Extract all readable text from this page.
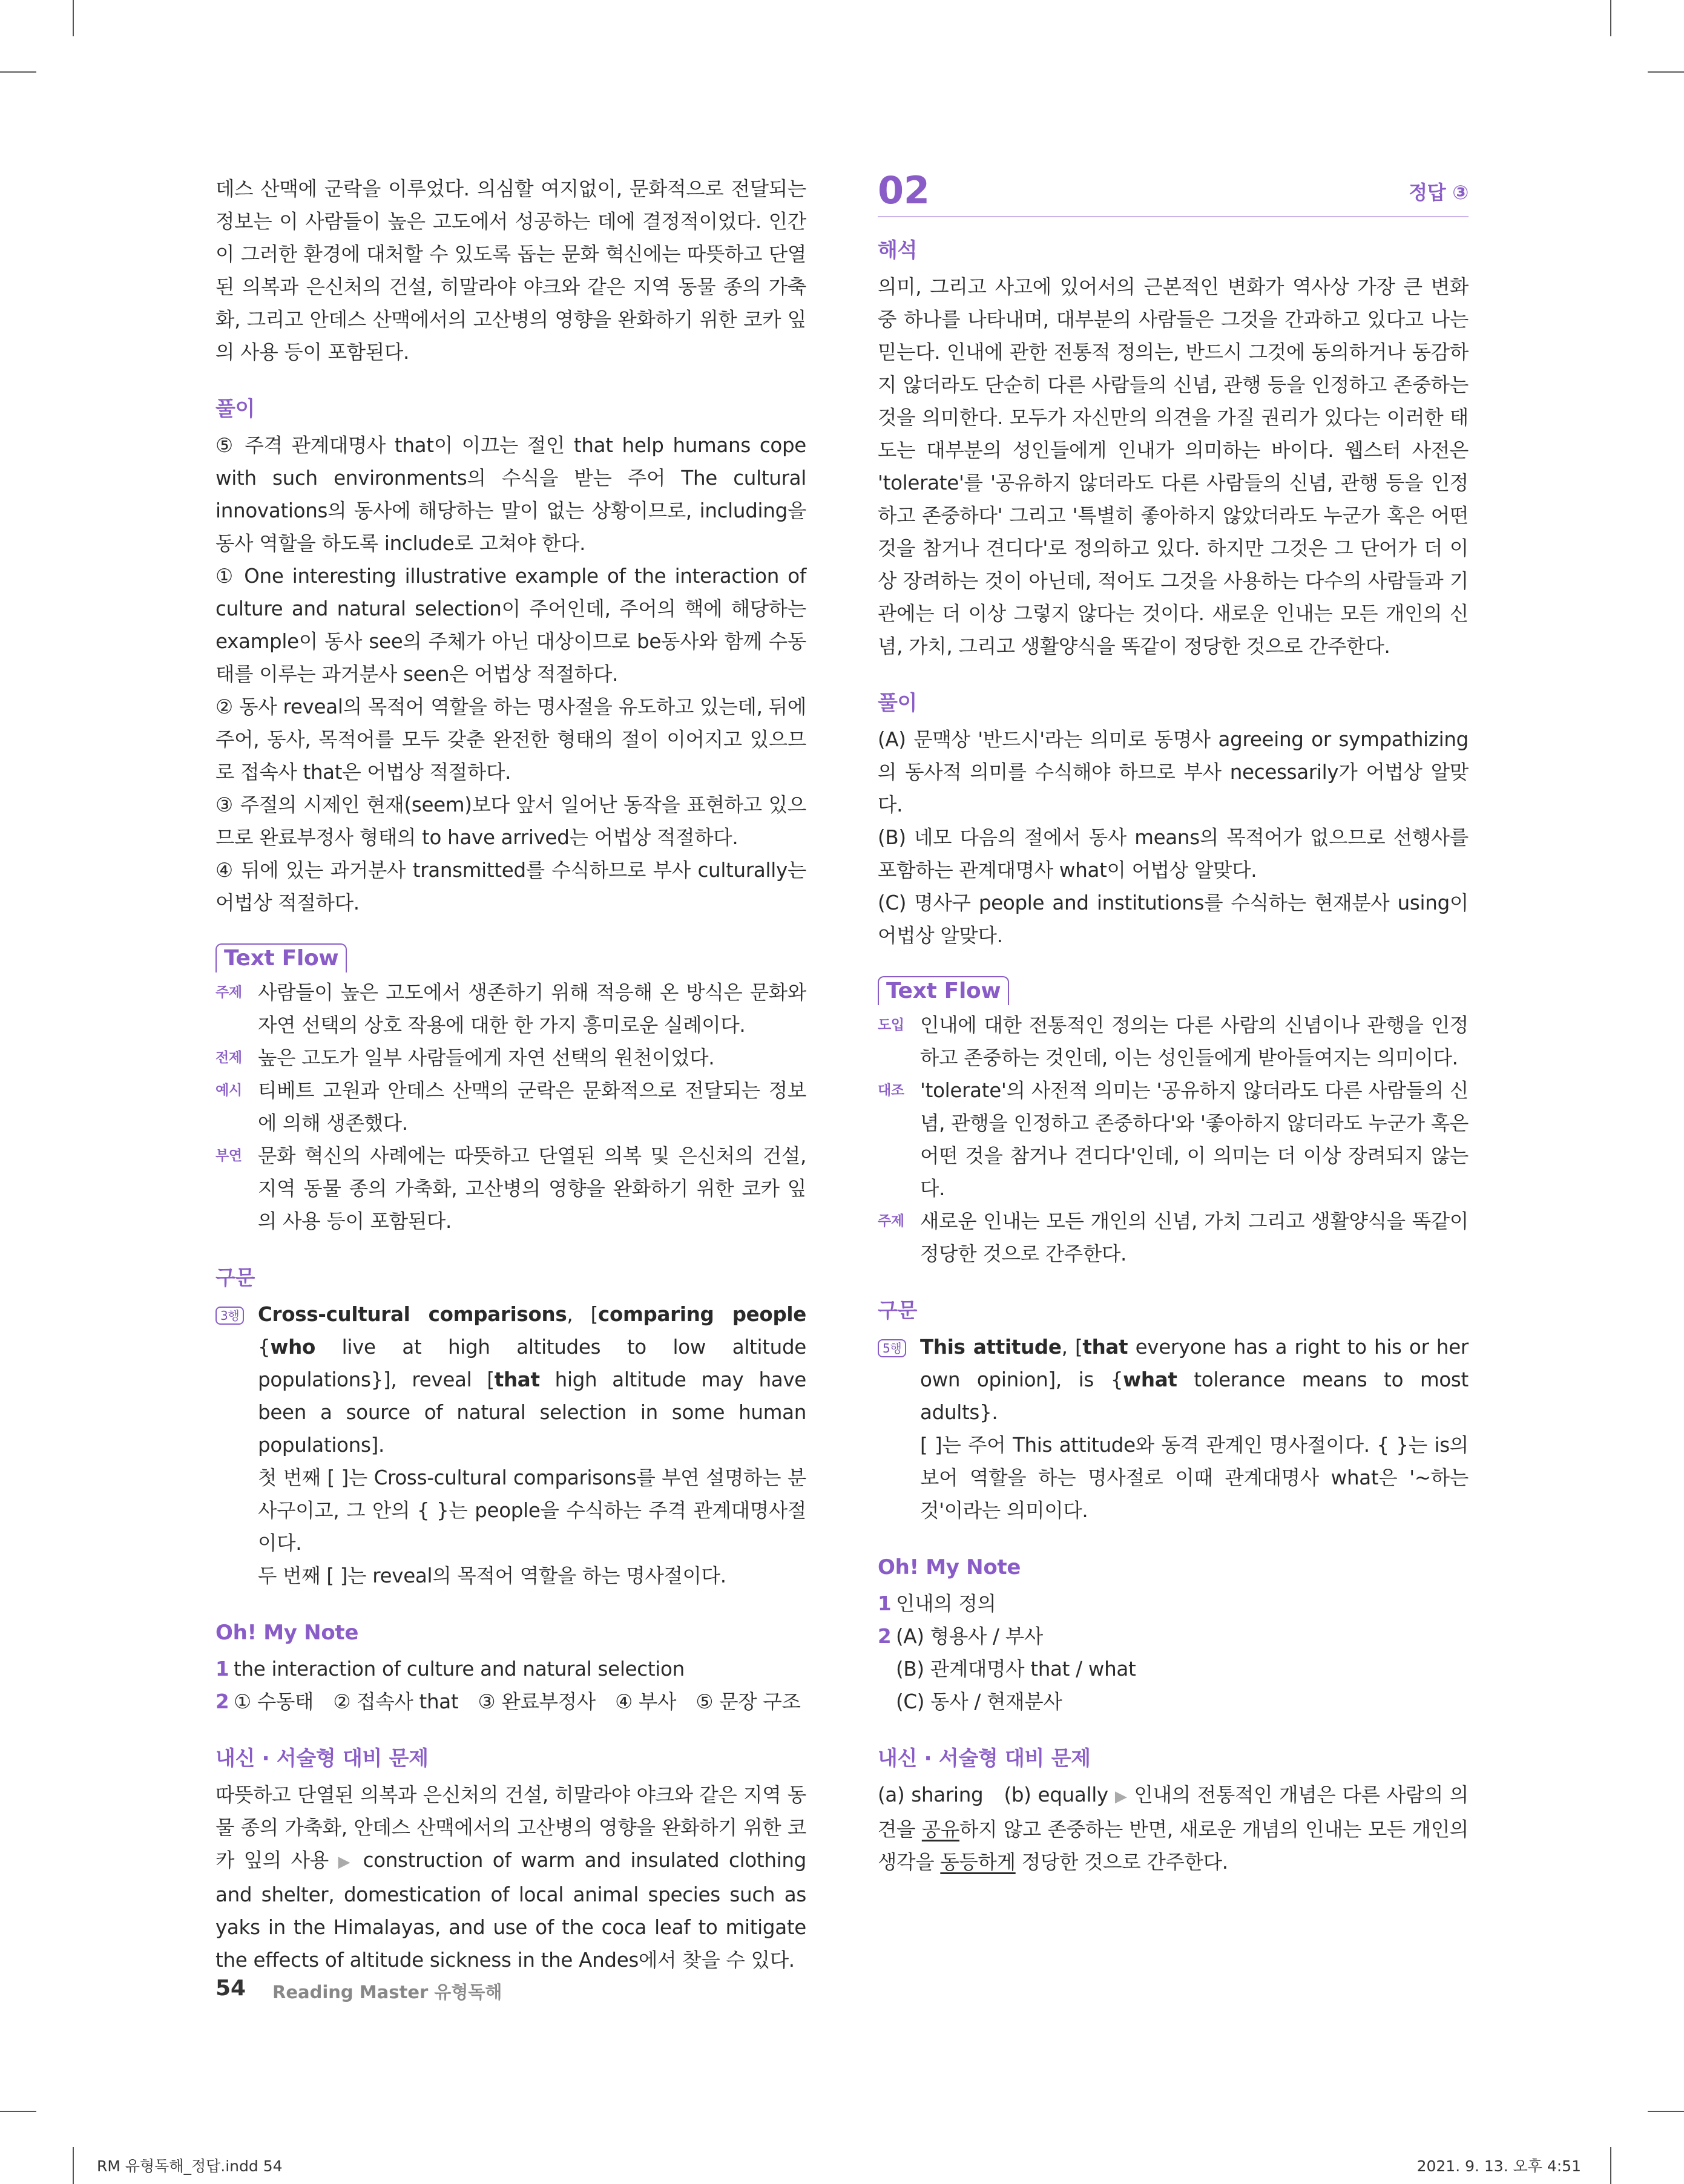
데스 산맥에 군락을 이루었다. 의심할 여지없이, 문화적으로 전달되는 정보는 이 사람들이 높은 고도에서 성공하는 데에 결정적이었다. 인간이 그러한 환경에 대처할 수 있도록 돕는 문화 혁신에는 따뜻하고 단열된 의복과 은신처의 건설, 히말라야 야크와 같은 지역 동물 종의 가축화, 그리고 안데스 산맥에서의 고산병의 영향을 완화하기 위한 코카 잎의 사용 등이 포함된다.

풀이

⑤ 주격 관계대명사 that이 이끄는 절인 that help humans cope with such environments의 수식을 받는 주어 The cultural innovations의 동사에 해당하는 말이 없는 상황이므로, including을 동사 역할을 하도록 include로 고쳐야 한다.

① One interesting illustrative example of the interaction of culture and natural selection이 주어인데, 주어의 핵에 해당하는 example이 동사 see의 주체가 아닌 대상이므로 be동사와 함께 수동태를 이루는 과거분사 seen은 어법상 적절하다.

② 동사 reveal의 목적어 역할을 하는 명사절을 유도하고 있는데, 뒤에 주어, 동사, 목적어를 모두 갖춘 완전한 형태의 절이 이어지고 있으므로 접속사 that은 어법상 적절하다.

③ 주절의 시제인 현재(seem)보다 앞서 일어난 동작을 표현하고 있으므로 완료부정사 형태의 to have arrived는 어법상 적절하다.

④ 뒤에 있는 과거분사 transmitted를 수식하므로 부사 culturally는 어법상 적절하다.

Text Flow
주제 사람들이 높은 고도에서 생존하기 위해 적응해 온 방식은 문화와 자연 선택의 상호 작용에 대한 한 가지 흥미로운 실례이다.
전제 높은 고도가 일부 사람들에게 자연 선택의 원천이었다.
예시 티베트 고원과 안데스 산맥의 군락은 문화적으로 전달되는 정보에 의해 생존했다.
부연 문화 혁신의 사례에는 따뜻하고 단열된 의복 및 은신처의 건설, 지역 동물 종의 가축화, 고산병의 영향을 완화하기 위한 코카 잎의 사용 등이 포함된다.
구문
3행 Cross-cultural comparisons, [comparing people {who live at high altitudes to low altitude populations}], reveal [that high altitude may have been a source of natural selection in some human populations].
첫 번째 [ ]는 Cross-cultural comparisons를 부연 설명하는 분사구이고, 그 안의 { }는 people을 수식하는 주격 관계대명사절이다.
두 번째 [ ]는 reveal의 목적어 역할을 하는 명사절이다.
Oh! My Note
1 the interaction of culture and natural selection
2 ① 수동태　② 접속사 that　③ 완료부정사　④ 부사　⑤ 문장 구조
내신 · 서술형 대비 문제

따뜻하고 단열된 의복과 은신처의 건설, 히말라야 야크와 같은 지역 동물 종의 가축화, 안데스 산맥에서의 고산병의 영향을 완화하기 위한 코카 잎의 사용 ▶ construction of warm and insulated clothing and shelter, domestication of local animal species such as yaks in the Himalayas, and use of the coca leaf to mitigate the effects of altitude sickness in the Andes에서 찾을 수 있다.

02	정답 ③
해석

의미, 그리고 사고에 있어서의 근본적인 변화가 역사상 가장 큰 변화 중 하나를 나타내며, 대부분의 사람들은 그것을 간과하고 있다고 나는 믿는다. 인내에 관한 전통적 정의는, 반드시 그것에 동의하거나 동감하지 않더라도 단순히 다른 사람들의 신념, 관행 등을 인정하고 존중하는 것을 의미한다. 모두가 자신만의 의견을 가질 권리가 있다는 이러한 태도는 대부분의 성인들에게 인내가 의미하는 바이다. 웹스터 사전은 'tolerate'를 '공유하지 않더라도 다른 사람들의 신념, 관행 등을 인정하고 존중하다' 그리고 '특별히 좋아하지 않았더라도 누군가 혹은 어떤 것을 참거나 견디다'로 정의하고 있다. 하지만 그것은 그 단어가 더 이상 장려하는 것이 아닌데, 적어도 그것을 사용하는 다수의 사람들과 기관에는 더 이상 그렇지 않다는 것이다. 새로운 인내는 모든 개인의 신념, 가치, 그리고 생활양식을 똑같이 정당한 것으로 간주한다.

풀이

(A) 문맥상 '반드시'라는 의미로 동명사 agreeing or sympathizing의 동사적 의미를 수식해야 하므로 부사 necessarily가 어법상 알맞다.

(B) 네모 다음의 절에서 동사 means의 목적어가 없으므로 선행사를 포함하는 관계대명사 what이 어법상 알맞다.

(C) 명사구 people and institutions를 수식하는 현재분사 using이 어법상 알맞다.

Text Flow
도입 인내에 대한 전통적인 정의는 다른 사람의 신념이나 관행을 인정하고 존중하는 것인데, 이는 성인들에게 받아들여지는 의미이다.
대조 'tolerate'의 사전적 의미는 '공유하지 않더라도 다른 사람들의 신념, 관행을 인정하고 존중하다'와 '좋아하지 않더라도 누군가 혹은 어떤 것을 참거나 견디다'인데, 이 의미는 더 이상 장려되지 않는다.
주제 새로운 인내는 모든 개인의 신념, 가치 그리고 생활양식을 똑같이 정당한 것으로 간주한다.
구문
5행 This attitude, [that everyone has a right to his or her own opinion], is {what tolerance means to most adults}.
[ ]는 주어 This attitude와 동격 관계인 명사절이다. { }는 is의 보어 역할을 하는 명사절로 이때 관계대명사 what은 '~하는 것'이라는 의미이다.
Oh! My Note
1 인내의 정의
2 (A) 형용사 / 부사
(B) 관계대명사 that / what
(C) 동사 / 현재분사
내신 · 서술형 대비 문제

(a) sharing　(b) equally ▶ 인내의 전통적인 개념은 다른 사람의 의견을 공유하지 않고 존중하는 반면, 새로운 개념의 인내는 모든 개인의 생각을 동등하게 정당한 것으로 간주한다.

54 Reading Master 유형독해
RM 유형독해_정답.indd 54	2021. 9. 13. 오후 4:51
